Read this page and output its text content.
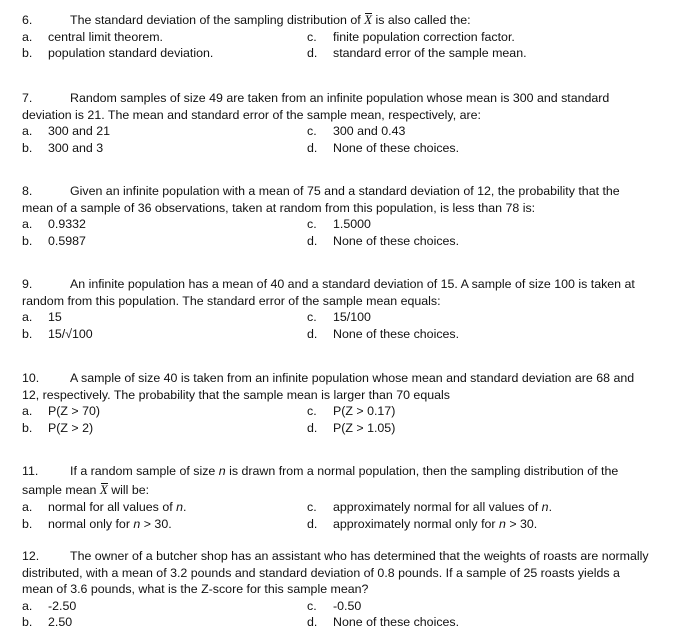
6.	The standard deviation of the sampling distribution of X is also called the:
a. central limit theorem.	c. finite population correction factor.
b. population standard deviation.	d. standard error of the sample mean.
7.	Random samples of size 49 are taken from an infinite population whose mean is 300 and standard
deviation is 21. The mean and standard error of the sample mean, respectively, are:
a. 300 and 21	c. 300 and 0.43
b. 300 and 3	d. None of these choices.
8.	Given an infinite population with a mean of 75 and a standard deviation of 12, the probability that the
mean of a sample of 36 observations, taken at random from this population, is less than 78 is:
a. 0.9332	c. 1.5000
b. 0.5987	d. None of these choices.
9.	An infinite population has a mean of 40 and a standard deviation of 15. A sample of size 100 is taken at
random from this population. The standard error of the sample mean equals:
a. 15	c. 15/100
b. 15/√100	d. None of these choices.
10. A sample of size 40 is taken from an infinite population whose mean and standard deviation are 68 and
12, respectively. The probability that the sample mean is larger than 70 equals
a. P(Z > 70)	c. P(Z > 0.17)
b. P(Z > 2)	d. P(Z > 1.05)
11.	If a random sample of size n is drawn from a normal population, then the sampling distribution of the
sample mean X will be:
a. normal for all values of n.	c. approximately normal for all values of n.
b. normal only for n > 30.	d. approximately normal only for n > 30.
12. The owner of a butcher shop has an assistant who has determined that the weights of roasts are normally
distributed, with a mean of 3.2 pounds and standard deviation of 0.8 pounds. If a sample of 25 roasts yields a
mean of 3.6 pounds, what is the Z-score for this sample mean?
a. -2.50	c. -0.50
b. 2.50	d. None of these choices.
